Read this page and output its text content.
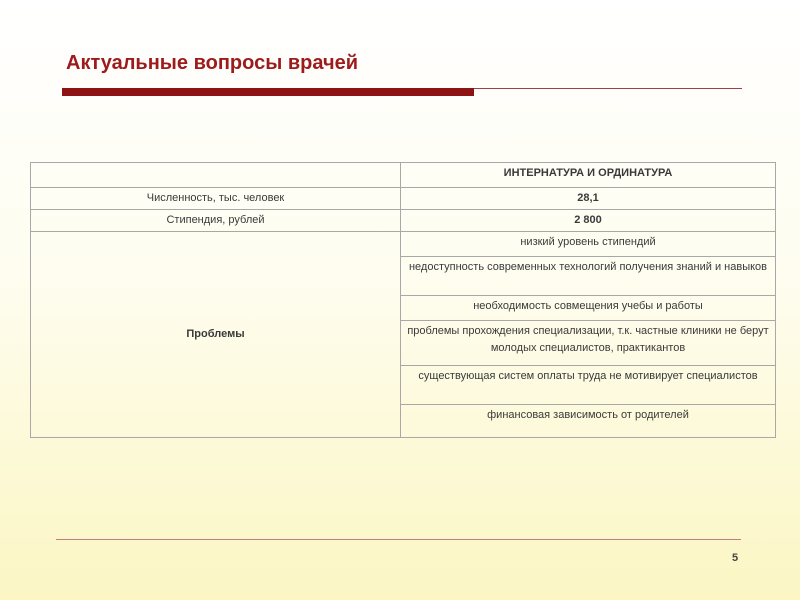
Актуальные вопросы врачей
	ИНТЕРНАТУРА И ОРДИНАТУРА
Численность, тыс. человек	28,1
Стипендия, рублей	2 800
Проблемы	низкий уровень стипендий
	недоступность современных технологий получения знаний и навыков
	необходимость совмещения учебы и работы
	проблемы прохождения специализации, т.к. частные клиники не берут молодых специалистов, практикантов
	существующая систем оплаты труда не мотивирует специалистов
	финансовая зависимость от родителей
5
